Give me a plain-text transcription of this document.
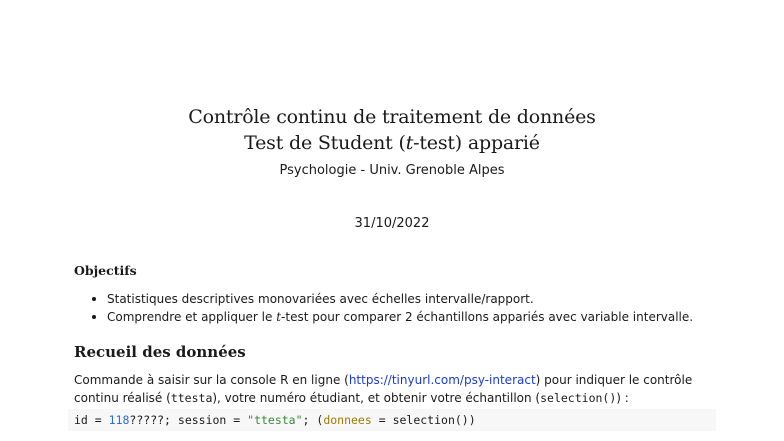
Contrôle continu de traitement de données
Test de Student (t-test) apparié
Psychologie - Univ. Grenoble Alpes
31/10/2022
Objectifs
Statistiques descriptives monovariées avec échelles intervalle/rapport.
Comprendre et appliquer le t-test pour comparer 2 échantillons appariés avec variable intervalle.
Recueil des données
Commande à saisir sur la console R en ligne (https://tinyurl.com/psy-interact) pour indiquer le contrôle
continu réalisé (ttesta), votre numéro étudiant, et obtenir votre échantillon (selection()) :
id = 118?????; session = "ttesta"; (donnees = selection())
